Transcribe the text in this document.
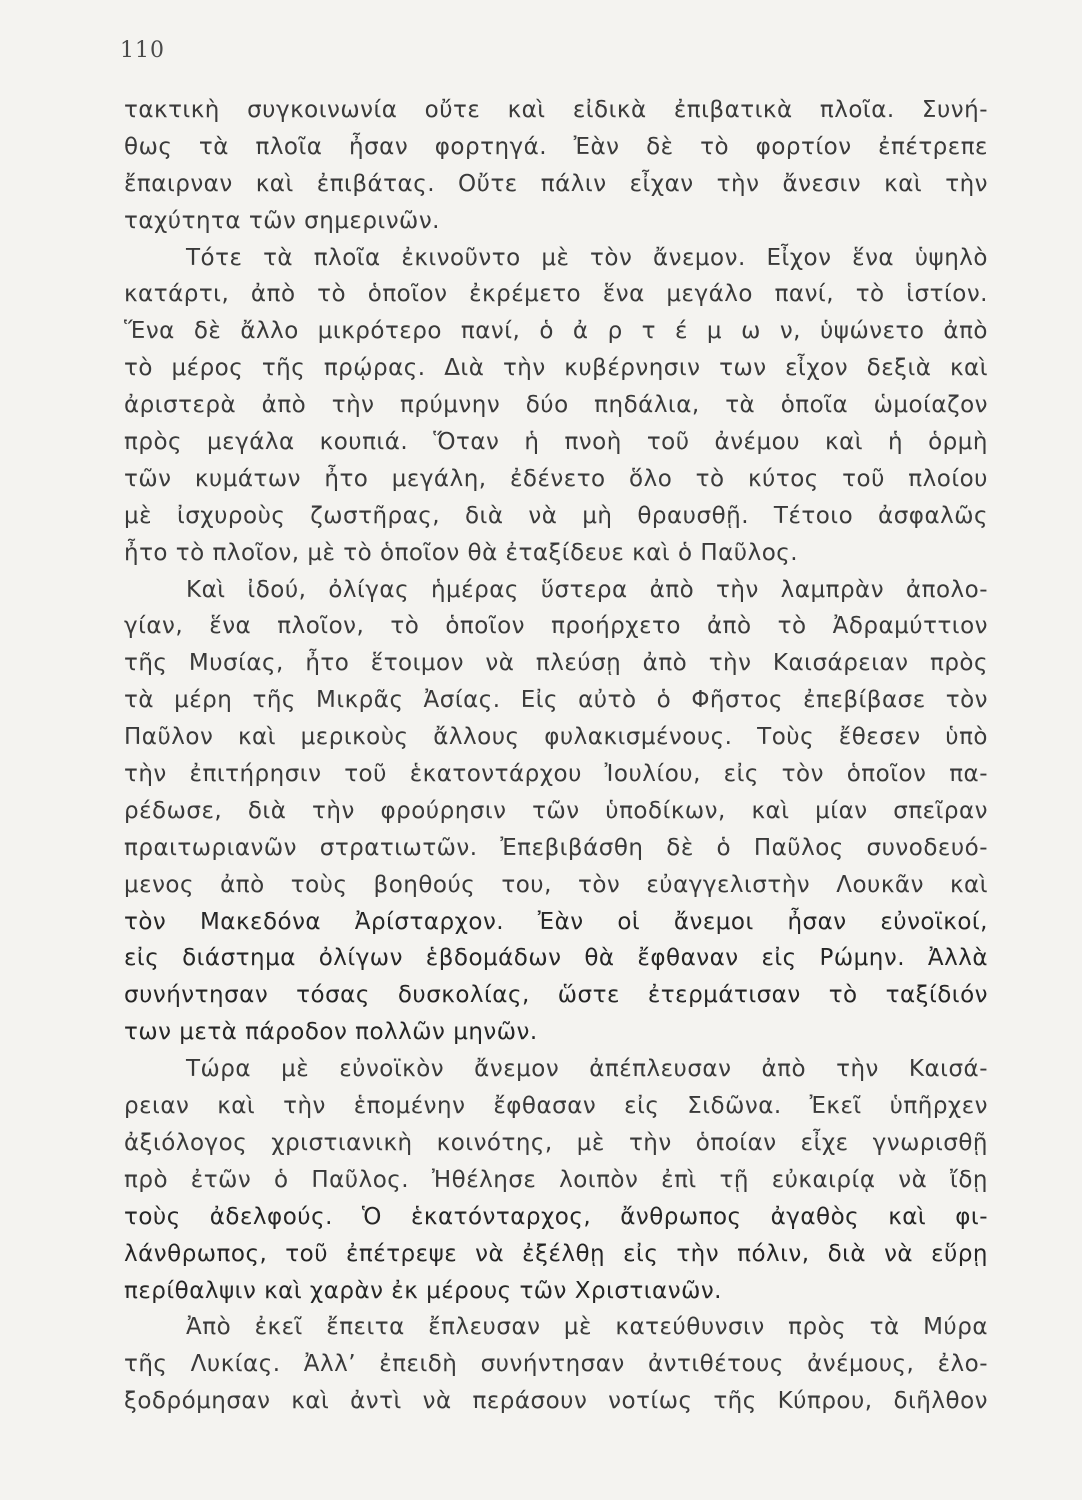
110
τακτικὴ συγκοινωνία οὔτε καὶ εἰδικὰ ἐπιβατικὰ πλοῖα. Συνή-
θως τὰ πλοῖα ἦσαν φορτηγά. Ἐὰν δὲ τὸ φορτίον ἐπέτρεπε
ἔπαιρναν καὶ ἐπιβάτας. Οὔτε πάλιν εἶχαν τὴν ἄνεσιν καὶ τὴν
ταχύτητα τῶν σημερινῶν.
Τότε τὰ πλοῖα ἐκινοῦντο μὲ τὸν ἄνεμον. Εἶχον ἕνα ὑψηλὸ
κατάρτι, ἀπὸ τὸ ὁποῖον ἐκρέμετο ἕνα μεγάλο πανί, τὸ ἱστίον.
Ἕνα δὲ ἄλλο μικρότερο πανί, ὁ ἀ ρ τ έ μ ω ν, ὑψώνετο ἀπὸ
τὸ μέρος τῆς πρῴρας. Διὰ τὴν κυβέρνησιν των εἶχον δεξιὰ καὶ
ἀριστερὰ ἀπὸ τὴν πρύμνην δύο πηδάλια, τὰ ὁποῖα ὡμοίαζον
πρὸς μεγάλα κουπιά. Ὅταν ἡ πνοὴ τοῦ ἀνέμου καὶ ἡ ὁρμὴ
τῶν κυμάτων ἦτο μεγάλη, ἐδένετο ὅλο τὸ κύτος τοῦ πλοίου
μὲ ἰσχυροὺς ζωστῆρας, διὰ νὰ μὴ θραυσθῇ. Τέτοιο ἀσφαλῶς
ἦτο τὸ πλοῖον, μὲ τὸ ὁποῖον θὰ ἐταξίδευε καὶ ὁ Παῦλος.
Καὶ ἰδού, ὀλίγας ἡμέρας ὕστερα ἀπὸ τὴν λαμπρὰν ἀπολο-
γίαν, ἕνα πλοῖον, τὸ ὁποῖον προήρχετο ἀπὸ τὸ Ἀδραμύττιον
τῆς Μυσίας, ἦτο ἕτοιμον νὰ πλεύσῃ ἀπὸ τὴν Καισάρειαν πρὸς
τὰ μέρη τῆς Μικρᾶς Ἀσίας. Εἰς αὐτὸ ὁ Φῆστος ἐπεβίβασε τὸν
Παῦλον καὶ μερικοὺς ἄλλους φυλακισμένους. Τοὺς ἔθεσεν ὑπὸ
τὴν ἐπιτήρησιν τοῦ ἑκατοντάρχου Ἰουλίου, εἰς τὸν ὁποῖον πα-
ρέδωσε, διὰ τὴν φρούρησιν τῶν ὑποδίκων, καὶ μίαν σπεῖραν
πραιτωριανῶν στρατιωτῶν. Ἐπεβιβάσθη δὲ ὁ Παῦλος συνοδευό-
μενος ἀπὸ τοὺς βοηθούς του, τὸν εὐαγγελιστὴν Λουκᾶν καὶ
τὸν Μακεδόνα Ἀρίσταρχον. Ἐὰν οἱ ἄνεμοι ἦσαν εὐνοϊκοί,
εἰς διάστημα ὀλίγων ἑβδομάδων θὰ ἔφθαναν εἰς Ρώμην. Ἀλλὰ
συνήντησαν τόσας δυσκολίας, ὥστε ἐτερμάτισαν τὸ ταξίδιόν
των μετὰ πάροδον πολλῶν μηνῶν.
Τώρα μὲ εὐνοϊκὸν ἄνεμον ἀπέπλευσαν ἀπὸ τὴν Καισά-
ρειαν καὶ τὴν ἑπομένην ἔφθασαν εἰς Σιδῶνα. Ἐκεῖ ὑπῆρχεν
ἀξιόλογος χριστιανικὴ κοινότης, μὲ τὴν ὁποίαν εἶχε γνωρισθῇ
πρὸ ἐτῶν ὁ Παῦλος. Ἠθέλησε λοιπὸν ἐπὶ τῇ εὐκαιρίᾳ νὰ ἴδῃ
τοὺς ἀδελφούς. Ὁ ἑκατόνταρχος, ἄνθρωπος ἀγαθὸς καὶ φι-
λάνθρωπος, τοῦ ἐπέτρεψε νὰ ἐξέλθῃ εἰς τὴν πόλιν, διὰ νὰ εὕρῃ
περίθαλψιν καὶ χαρὰν ἐκ μέρους τῶν Χριστιανῶν.
Ἀπὸ ἐκεῖ ἔπειτα ἔπλευσαν μὲ κατεύθυνσιν πρὸς τὰ Μύρα
τῆς Λυκίας. Ἀλλ’ ἐπειδὴ συνήντησαν ἀντιθέτους ἀνέμους, ἐλο-
ξοδρόμησαν καὶ ἀντὶ νὰ περάσουν νοτίως τῆς Κύπρου, διῆλθον
